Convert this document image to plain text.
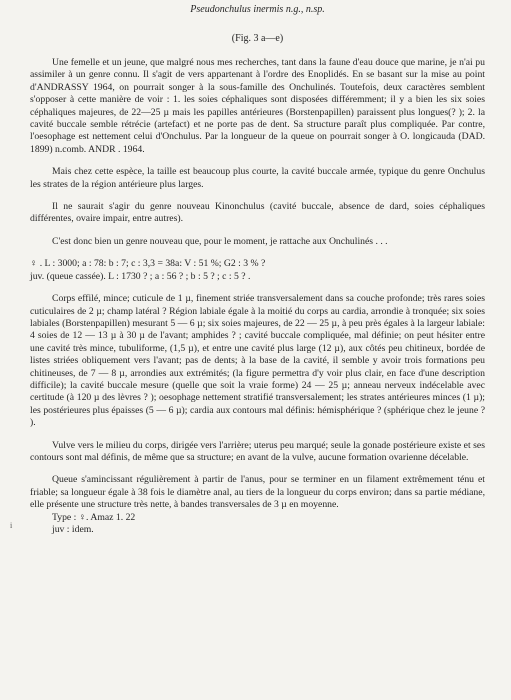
Pseudonchulus inermis n.g., n.sp.
(Fig. 3 a—e)

Une femelle et un jeune, que malgré nous mes recherches, tant dans la faune d'eau douce que marine, je n'ai pu assimiler à un genre connu. Il s'agit de vers appartenant à l'ordre des Enoplidés. En se basant sur la mise au point d'ANDRASSY 1964, on pourrait songer à la sous-famille des Onchulinés. Toutefois, deux caractères semblent s'opposer à cette manière de voir : 1. les soies céphaliques sont disposées différemment; il y a bien les six soies céphaliques majeures, de 22—25 µ mais les papilles antérieures (Borstenpapillen) paraissent plus longues(? ); 2. la cavité buccale semble rétrécie (artefact) et ne porte pas de dent. Sa structure paraît plus compliquée. Par contre, l'oesophage est nettement celui d'Onchulus. Par la longueur de la queue on pourrait songer à O. longicauda (DAD. 1899) n.comb. ANDR . 1964.

Mais chez cette espèce, la taille est beaucoup plus courte, la cavité buccale armée, typique du genre Onchulus les strates de la région antérieure plus larges.

Il ne saurait s'agir du genre nouveau Kinonchulus (cavité buccale, absence de dard, soies céphaliques différentes, ovaire impair, entre autres).

C'est donc bien un genre nouveau que, pour le moment, je rattache aux Onchulinés . . .

♀ . L : 3000; a : 78: b : 7; c : 3,3 = 38a: V : 51 %; G2 : 3 % ?

juv. (queue cassée). L : 1730 ? ; a : 56 ? ; b : 5 ? ; c : 5 ? .

Corps effilé, mince; cuticule de 1 µ, finement striée transversalement dans sa couche profonde; très rares soies cuticulaires de 2 µ; champ latéral ? Région labiale égale à la moitié du corps au cardia, arrondie à tronquée; six soies labiales (Borstenpapillen) mesurant 5 — 6 µ; six soies majeures, de 22 — 25 µ, à peu près égales à la largeur labiale: 4 soies de 12 — 13 µ à 30 µ de l'avant; amphides ? ; cavité buccale compliquée, mal définie; on peut hésiter entre une cavité très mince, tubuliforme, (1,5 µ), et entre une cavité plus large (12 µ), aux côtés peu chitineux, bordée de listes striées obliquement vers l'avant; pas de dents; à la base de la cavité, il semble y avoir trois formations peu chitineuses, de 7 — 8 µ, arrondies aux extrémités; (la figure permettra d'y voir plus clair, en face d'une description difficile); la cavité buccale mesure (quelle que soit la vraie forme) 24 — 25 µ; anneau nerveux indécelable avec certitude (à 120 µ des lèvres ? ); oesophage nettement stratifié transversalement; les strates antérieures minces (1 µ); les postérieures plus épaisses (5 — 6 µ); cardia aux contours mal définis: hémisphérique ? (sphérique chez le jeune ? ).

Vulve vers le milieu du corps, dirigée vers l'arrière; uterus peu marqué; seule la gonade postérieure existe et ses contours sont mal définis, de même que sa structure; en avant de la vulve, aucune formation ovarienne décelable.

Queue s'amincissant régulièrement à partir de l'anus, pour se terminer en un filament extrêmement ténu et friable; sa longueur égale à 38 fois le diamètre anal, au tiers de la longueur du corps environ; dans sa partie médiane, elle présente une structure très nette, à bandes transversales de 3 µ en moyenne.

Type : ♀. Amaz 1. 22

juv : idem.

i
